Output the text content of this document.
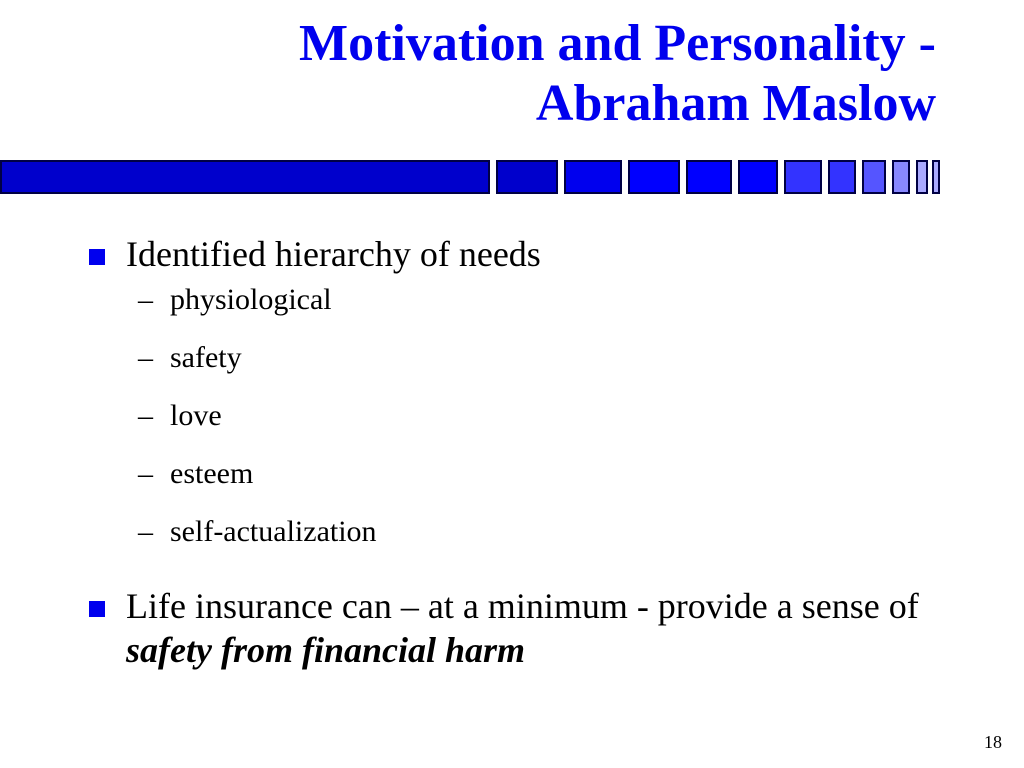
Motivation and Personality -
Abraham Maslow
Identified hierarchy of needs
– physiological
– safety
– love
– esteem
– self-actualization
Life insurance can – at a minimum - provide a sense of safety from financial harm
18
